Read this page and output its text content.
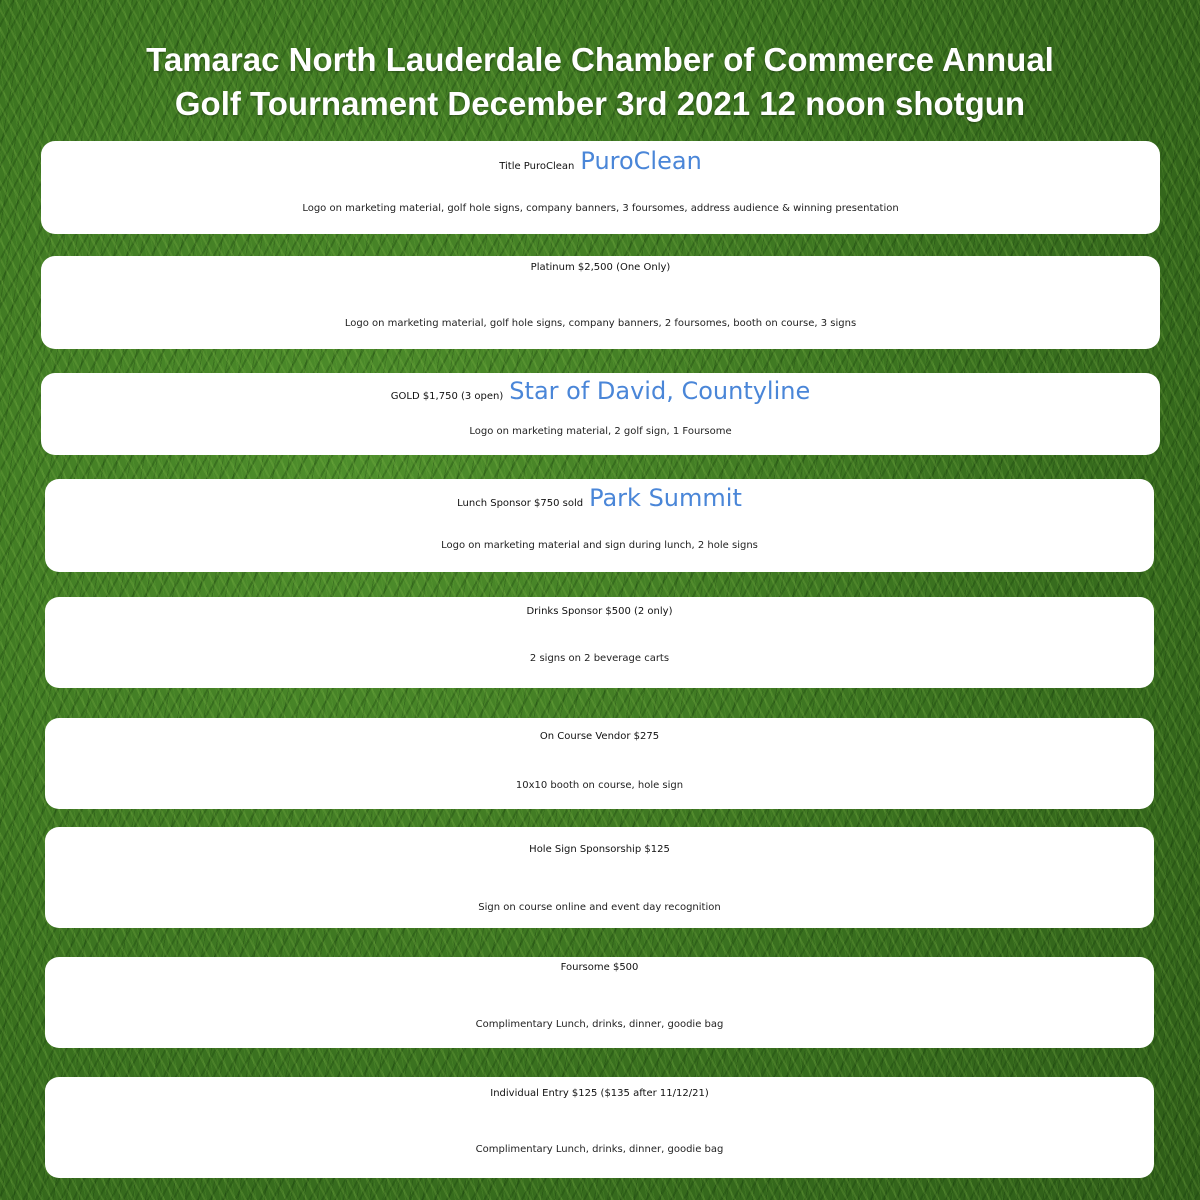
Tamarac North Lauderdale Chamber of Commerce Annual
Golf Tournament December 3rd 2021 12 noon shotgun
Title PuroClean PuroClean
Logo on marketing material, golf hole signs, company banners, 3 foursomes, address audience & winning presentation
Platinum $2,500 (One Only)
Logo on marketing material, golf hole signs, company banners, 2 foursomes, booth on course, 3 signs
GOLD $1,750 (3 open) Star of David, Countyline
Logo on marketing material, 2 golf sign, 1 Foursome
Lunch Sponsor $750 sold Park Summit
Logo on marketing material and sign during lunch, 2 hole signs
Drinks Sponsor $500 (2 only)
2 signs on 2 beverage carts
On Course Vendor $275
10x10 booth on course, hole sign
Hole Sign Sponsorship $125
Sign on course online and event day recognition
Foursome $500
Complimentary Lunch, drinks, dinner, goodie bag
Individual Entry $125 ($135 after 11/12/21)
Complimentary Lunch, drinks, dinner, goodie bag
